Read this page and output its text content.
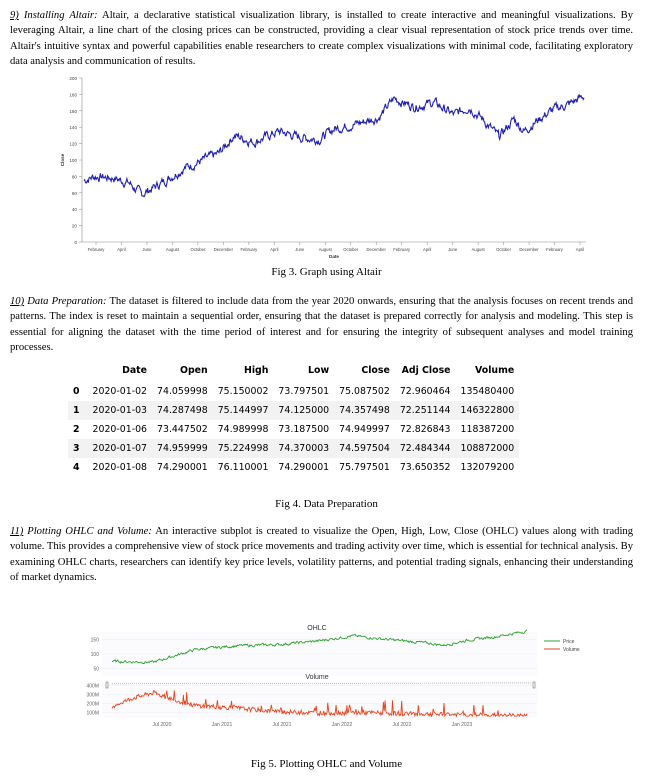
9) Installing Altair: Altair, a declarative statistical visualization library, is installed to create interactive and meaningful visualizations. By leveraging Altair, a line chart of the closing prices can be constructed, providing a clear visual representation of stock price trends over time. Altair's intuitive syntax and powerful capabilities enable researchers to create complex visualizations with minimal code, facilitating exploratory data analysis and communication of results.
0
20
40
60
80
100
120
140
160
180
200
February	April	June	August	October December February	April	June	August	October December February	April	June	August	October December February	April
Date
Close
Fig 3. Graph using Altair
10) Data Preparation: The dataset is filtered to include data from the year 2020 onwards, ensuring that the analysis focuses on recent trends and patterns. The index is reset to maintain a sequential order, ensuring that the dataset is prepared correctly for analysis and modeling. This step is essential for aligning the dataset with the time period of interest and for ensuring the integrity of subsequent analyses and model training processes.
	Date	Open	High	Low	Close	Adj Close	Volume
0	2020-01-02	74.059998	75.150002	73.797501	75.087502	72.960464	135480400
1	2020-01-03	74.287498	75.144997	74.125000	74.357498	72.251144	146322800
2	2020-01-06	73.447502	74.989998	73.187500	74.949997	72.826843	118387200
3	2020-01-07	74.959999	75.224998	74.370003	74.597504	72.484344	108872000
4	2020-01-08	74.290001	76.110001	74.290001	75.797501	73.650352	132079200
Fig 4. Data Preparation
11) Plotting OHLC and Volume: An interactive subplot is created to visualize the Open, High, Low, Close (OHLC) values along with trading volume. This provides a comprehensive view of stock price movements and trading activity over time, which is essential for technical analysis. By examining OHLC charts, researchers can identify key price levels, volatility patterns, and potential trading signals, enhancing their understanding of market dynamics.
OHLC
50
100
150
Volume
100M
200M
300M
400M
Jul 2020	Jan 2021	Jul 2021	Jan 2022	Jul 2022	Jan 2023
Price
Volume
Fig 5. Plotting OHLC and Volume
